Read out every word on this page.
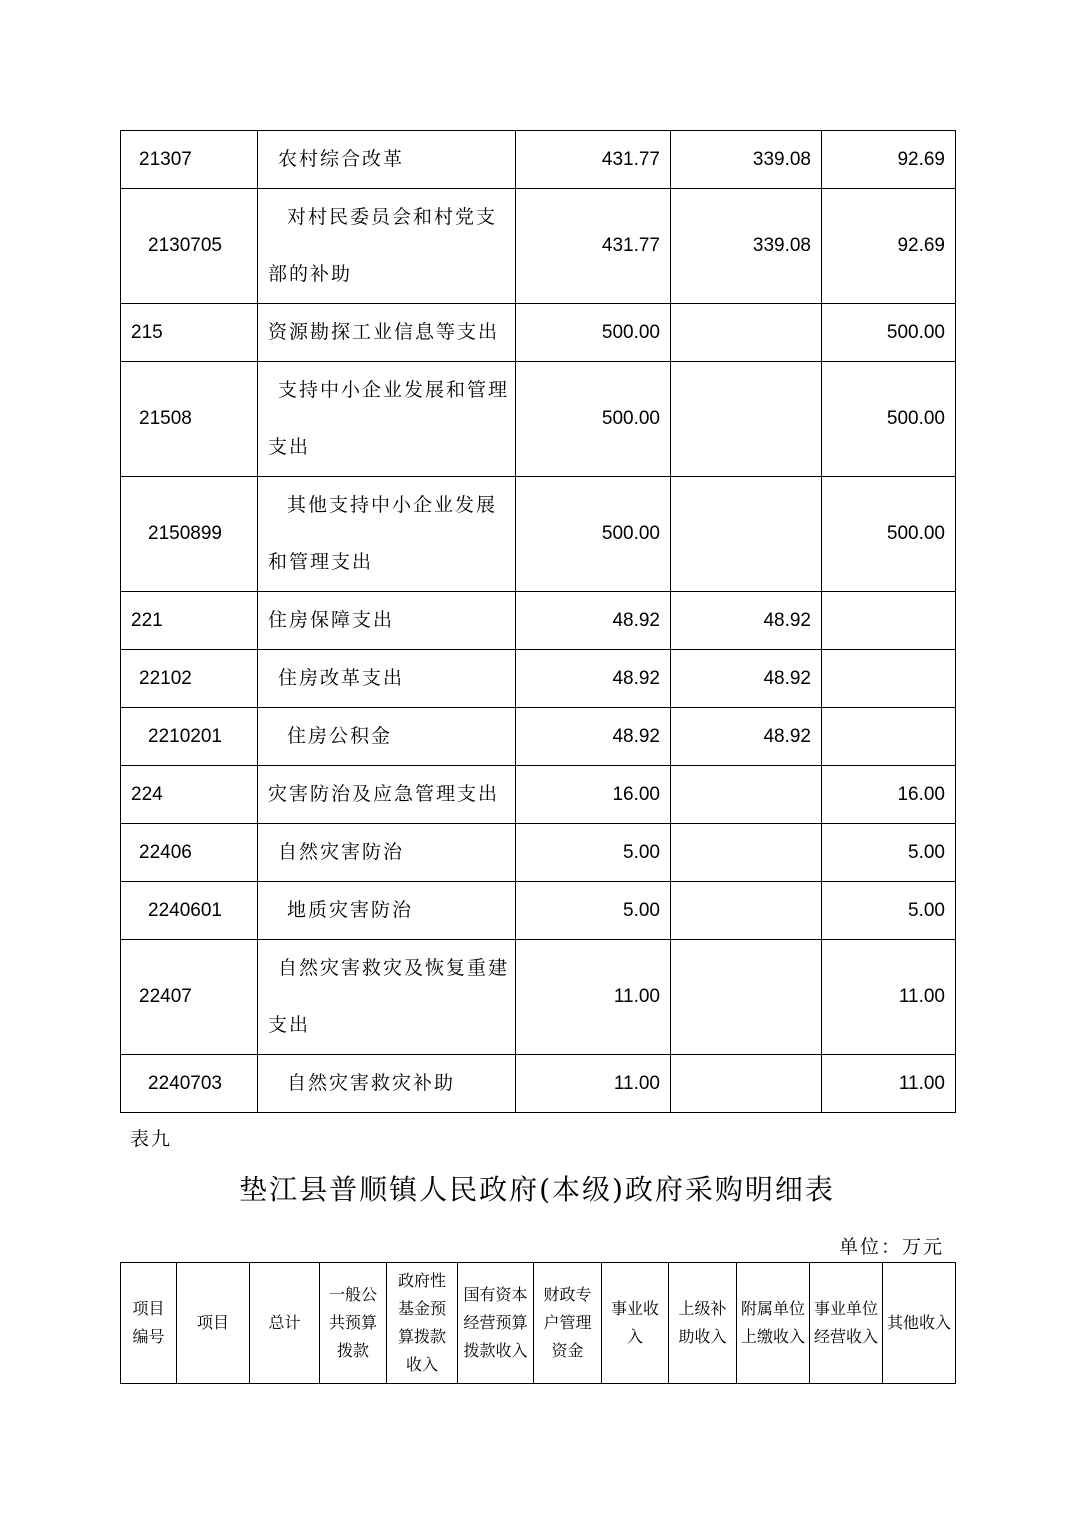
21307	农村综合改革	431.77	339.08	92.69
2130705	对村民委员会和村党支部的补助	431.77	339.08	92.69
215	资源勘探工业信息等支出	500.00		500.00
21508	支持中小企业发展和管理支出	500.00		500.00
2150899	其他支持中小企业发展和管理支出	500.00		500.00
221	住房保障支出	48.92	48.92	
22102	住房改革支出	48.92	48.92	
2210201	住房公积金	48.92	48.92	
224	灾害防治及应急管理支出	16.00		16.00
22406	自然灾害防治	5.00		5.00
2240601	地质灾害防治	5.00		5.00
22407	自然灾害救灾及恢复重建支出	11.00		11.00
2240703	自然灾害救灾补助	11.00		11.00
表九
垫江县普顺镇人民政府(本级)政府采购明细表
单位：万元
项目编号	项目	总计	一般公共预算拨款	政府性基金预算拨款收入	国有资本经营预算拨款收入	财政专户管理资金	事业收入	上级补助收入	附属单位上缴收入	事业单位经营收入	其他收入
